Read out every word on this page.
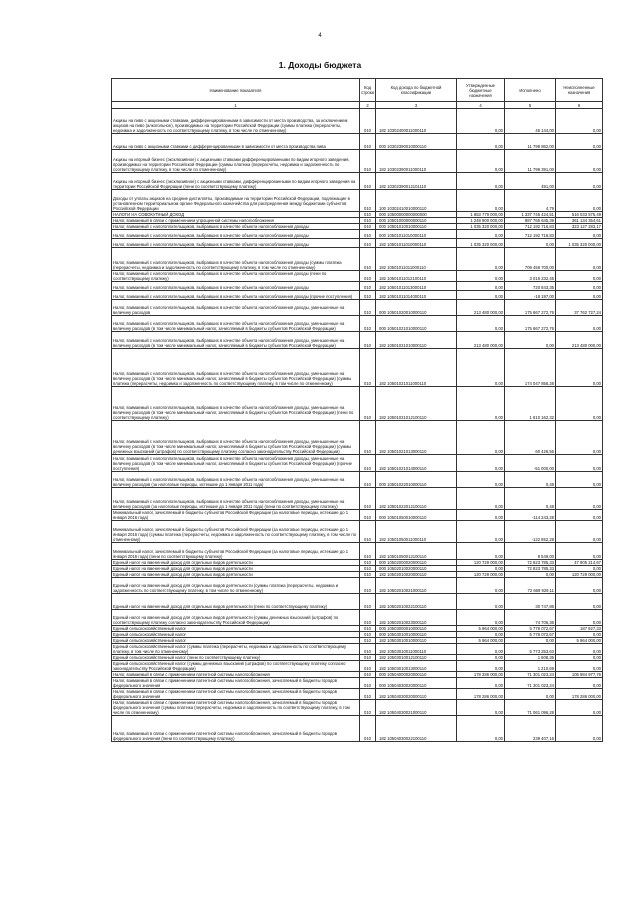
4
1. Доходы бюджета
Наименование показателя	Код строки	Код дохода по бюджетной классификации	Утвержденные бюджетные назначения	Исполнено	Неисполненные назначения
1	2	3	4	5	6
Акцизы на пиво с акцизными ставками, дифференцированными в зависимости от места производства, за исключением акцизов на пиво (алкогольное), производимых на территории Российской Федерации (суммы платежа (перерасчеты, недоимка и задолженность по соответствующему платежу, в том числе по отмененному)	010	182 10302400011000110	0,00	45 144,00	0,00
Акцизы на пиво с акцизными ставками с дифференцированными в зависимости от места производства пива	010	000 10302390010000110	0,00	11 799 862,00	0,00
Акцизы на игорный бизнес (эксклюзивное) с акцизными ставками дифференцированными по видам игорного заведения, производимых на территории Российской Федерации (суммы платежа (перерасчеты, недоимка и задолженность по соответствующему платежу, в том числе по отмененному)	010	182 10302390011000110	0,00	11 799 391,00	0,00
Акцизы на игорный бизнес (эксклюзивное) с акцизными ставками, дифференцированными по видам игорного заведения на территории Российской Федерации (пени по соответствующему платежу)	010	182 10302390012101110	0,00	491,00	0,00
Доходы от уплаты акцизов на средние дистилляты, производимые на территории Российской Федерации, подлежащие в установленном территориальном органе Федерального казначейства для распределения между бюджетами субъектов Российской Федерации	010	100 10302410010000110	0,00	4,79	0,00
НАЛОГИ НА СОВОКУПНЫЙ ДОХОД	010	000 10500000000000000	1 853 779 000,00	1 337 745 424,51	516 033 575,49
Налог, взимаемый в связи с применением упрощенной системы налогообложения	010	000 10501000000000110	1 248 900 000,00	887 765 645,39	361 134 354,61
Налог, взимаемый с налогоплательщиков, выбравших в качестве объекта налогообложения доходы	010	000 10501010010000110	1 035 320 000,00	712 192 716,83	323 127 283,17
Налог, взимаемый с налогоплательщиков, выбравших в качестве объекта налогообложения доходы	010	000 10501011010000110	0,00	712 192 716,83	0,00
Налог, взимаемый с налогоплательщиков, выбравших в качестве объекта налогообложения доходы	010	182 10501011010000110	1 035 320 000,00	0,00	1 035 320 000,00
Налог, взимаемый с налогоплательщиков, выбравших в качестве объекта налогообложения доходы (суммы платежа (перерасчеты, недоимка и задолженность по соответствующему платежу, в том числе по отмененному)	010	182 10501011011000110	0,00	709 456 700,00	0,00
Налог, взимаемый с налогоплательщиков, выбравших в качестве объекта налогообложения доходы (пени по соответствующему платежу)	010	182 10501011012100110	0,00	3 016 232,45	0,00
Налог, взимаемый с налогоплательщиков, выбравших в качестве объекта налогообложения доходы	010	182 10501011013000110	0,00	720 843,35	0,00
Налог, взимаемый с налогоплательщиков, выбравших в качестве объекта налогообложения доходы (прочие поступления)	010	182 10501011014000110	0,00	-18 197,00	0,00
Налог, взимаемый с налогоплательщиков, выбравших в качестве объекта налогообложения доходы, уменьшенные на величину расходов	010	000 10501020010000110	213 480 000,00	175 667 272,76	37 762 727,24
Налог, взимаемый с налогоплательщиков, выбравших в качестве объекта налогообложения доходы, уменьшенные на величину расходов (в том числе минимальный налог, зачисляемый в бюджеты субъектов Российской Федерации)	010	000 10501021010000110	0,00	175 667 272,76	0,00
Налог, взимаемый с налогоплательщиков, выбравших в качестве объекта налогообложения доходы, уменьшенные на величину расходов (в том числе минимальный налог, зачисляемый в бюджеты субъектов Российской Федерации)	010	182 10501021010000110	213 480 000,00	0,00	213 480 000,00
Налог, взимаемый с налогоплательщиков, выбравших в качестве объекта налогообложения доходы, уменьшенные на величину расходов (в том числе минимальный налог, зачисляемый в бюджеты субъектов Российской Федерации) (суммы платежа (перерасчеты, недоимка и задолженность по соответствующему платежу, в том числе по отмененному)	010	182 10501021011000110	0,00	174 047 856,28	0,00
Налог, взимаемый с налогоплательщиков, выбравших в качестве объекта налогообложения доходы, уменьшенные на величину расходов (в том числе минимальный налог, зачисляемый в бюджеты субъектов Российской Федерации) (пени по соответствующему платежу)	010	182 10501021012100110	0,00	1 610 162,32	0,00
Налог, взимаемый с налогоплательщиков, выбравших в качестве объекта налогообложения доходы, уменьшенные на величину расходов (в том числе минимальный налог, зачисляемый в бюджеты субъектов Российской Федерации) (суммы денежных взысканий (штрафов) по соответствующему платежу согласно законодательству Российской Федерации)	010	182 10501021013000110	0,00	60 426,56	0,00
Налог, взимаемый с налогоплательщиков, выбравших в качестве объекта налогообложения доходы, уменьшенные на величину расходов (в том числе минимальный налог, зачисляемый в бюджеты субъектов Российской Федерации) (прочие поступления)	010	182 10501021014000110	0,00	-51 000,00	0,00
Налог, взимаемый с налогоплательщиков, выбравших в качестве объекта налогообложения доходы, уменьшенные на величину расходов (за налоговые периоды, истекшие до 1 января 2011 года)	010	000 10501022010000110	0,00	0,48	0,00
Налог, взимаемый с налогоплательщиков, выбравших в качестве объекта налогообложения доходы, уменьшенные на величину расходов (за налоговые периоды, истекшие до 1 января 2011 года) (пени по соответствующему платежу)	010	182 10501022012100110	0,00	0,48	0,00
Минимальный налог, зачисляемый в бюджеты субъектов Российской Федерации (за налоговые периоды, истекшие до 1 января 2016 года)	010	000 10501050010000110	0,00	-114 243,28	0,00
Минимальный налог, зачисляемый в бюджеты субъектов Российской Федерации (за налоговые периоды, истекшие до 1 января 2016 года) (суммы платежа (перерасчеты, недоимка и задолженность по соответствующему платежу, в том числе по отмененному)	010	182 10501050011000110	0,00	-122 852,28	0,00
Минимальный налог, зачисляемый в бюджеты субъектов Российской Федерации (за налоговые периоды, истекшие до 1 января 2016 года) (пени по соответствующему платежу)	010	182 10501050012100110	0,00	8 549,00	0,00
Единый налог на вмененный доход для отдельных видов деятельности	010	000 10502000020000110	120 729 000,00	72 823 785,33	47 905 214,67
Единый налог на вмененный доход для отдельных видов деятельности	010	000 10502010020000110	0,00	72 823 785,33	0,00
Единый налог на вмененный доход для отдельных видов деятельности	010	182 10502010020000110	120 729 000,00	0,00	120 729 000,00
Единый налог на вмененный доход для отдельных видов деятельности (суммы платежа (перерасчеты, недоимка и задолженность по соответствующему платежу, в том числе по отмененному)	010	182 10502010021000110	0,00	72 669 929,11	0,00
Единый налог на вмененный доход для отдельных видов деятельности (пени по соответствующему платежу)	010	182 10502010022100110	0,00	30 747,86	0,00
Единый налог на вмененный доход для отдельных видов деятельности (суммы денежных взысканий (штрафов) по соответствующему платежу согласно законодательству Российской Федерации)	010	182 10502010023000110	0,00	74 706,36	0,00
Единый сельскохозяйственный налог	010	000 10503000010000110	5 964 000,00	5 776 072,67	187 927,33
Единый сельскохозяйственный налог	010	000 10503010010000110	0,00	5 776 072,67	0,00
Единый сельскохозяйственный налог	010	182 10503010010000110	5 964 000,00	0,00	5 964 000,00
Единый сельскохозяйственный налог (суммы платежа (перерасчеты, недоимка и задолженность по соответствующему платежу, в том числе по отмененному)	010	182 10503010011000110	0,00	5 773 253,63	0,00
Единый сельскохозяйственный налог (пени по соответствующему платежу)	010	182 10503010012100110	0,00	1 608,35	0,00
Единый сельскохозяйственный налог (суммы денежных взысканий (штрафов) по соответствующему платежу согласно законодательству Российской Федерации)	010	182 10503010013000110	0,00	1 210,69	0,00
Налог, взимаемый в связи с применением патентной системы налогообложения	010	000 10504000020000110	178 286 000,00	71 301 023,24	106 984 977,76
Налог, взимаемый в связи с применением патентной системы налогообложения, зачисляемый в бюджеты городов федерального значения	010	000 10504030020000110	0,00	71 301 023,24	0,00
Налог, взимаемый в связи с применением патентной системы налогообложения, зачисляемый в бюджеты городов федерального значения	010	182 10504030020000110	178 286 000,00	0,00	178 286 000,00
Налог, взимаемый в связи с применением патентной системы налогообложения, зачисляемый в бюджеты городов федерального значения (суммы платежа (перерасчеты, недоимка и задолженность по соответствующему платежу, в том числе по отмененному)	010	182 10504030021000110	0,00	71 061 096,28	0,00
Налог, взимаемый в связи с применением патентной системы налогообложения, зачисляемый в бюджеты городов федерального значения (пени по соответствующему платежу)	010	182 10504030022100110	0,00	239 407,16	0,00
